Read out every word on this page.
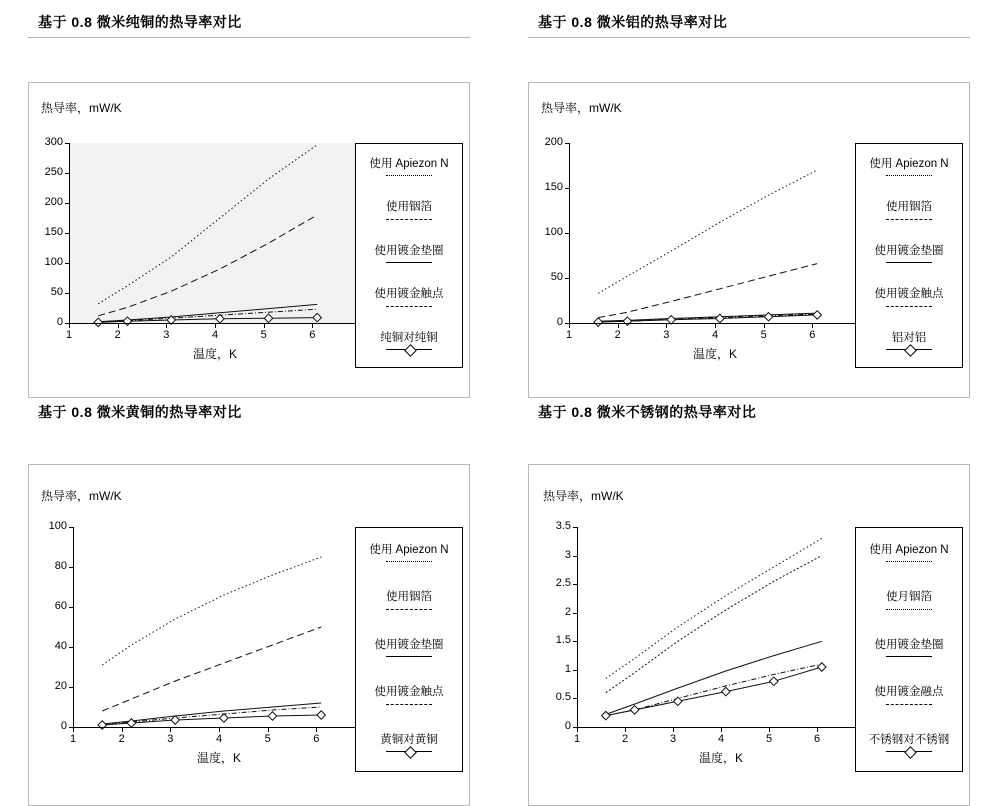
基于 0.8 微米纯铜的热导率对比
热导率，mW/K
0
50
100
150
200
250
300
1	2	3	4	5	6
温度，K
使用 Apiezon N
使用铟箔
使用镀金垫圈
使用镀金触点
纯铜对纯铜
基于 0.8 微米铝的热导率对比
热导率，mW/K
0
50
100
150
200
1	2	3	4	5	6
温度，K
使用 Apiezon N
使用铟箔
使用镀金垫圈
使用镀金触点
铝对铝
基于 0.8 微米黄铜的热导率对比
热导率，mW/K
0
20
40
60
80
100
1	2	3	4	5	6
温度，K
使用 Apiezon N
使用铟箔
使用镀金垫圈
使用镀金触点
黄铜对黄铜
基于 0.8 微米不锈钢的热导率对比
热导率，mW/K
0
0.5
1
1.5
2
2.5
3
3.5
1	2	3	4	5	6
温度，K
使用 Apiezon N
使月铟箔
使用镀金垫圈
使用镀金融点
不锈钢对不锈钢
